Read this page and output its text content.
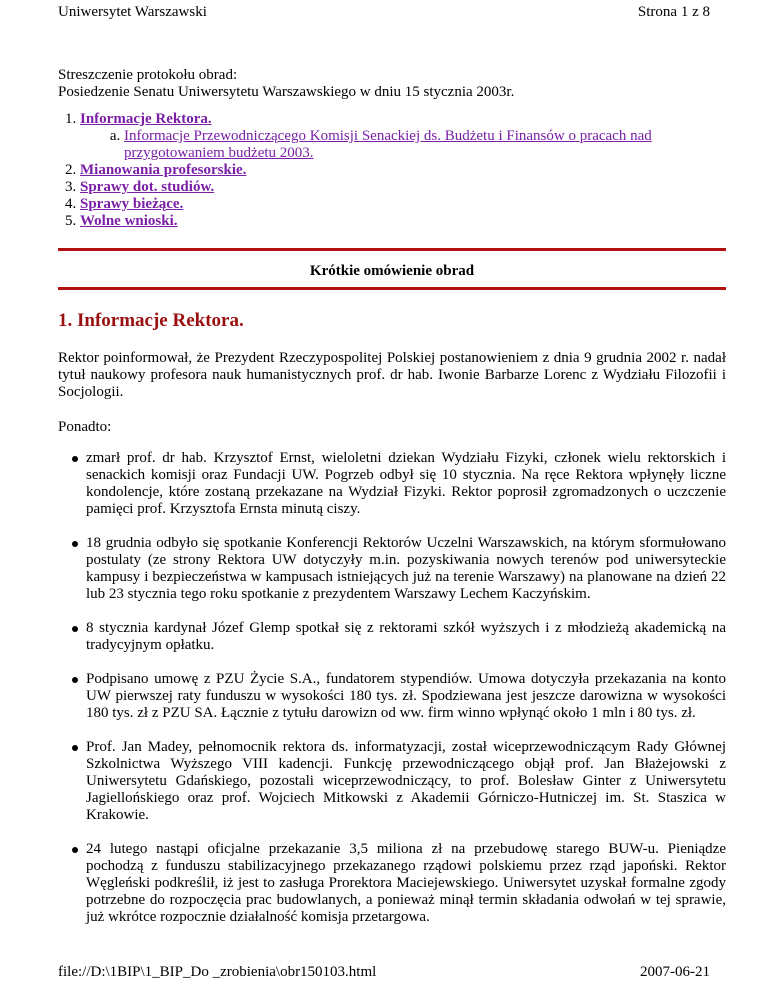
Uniwersytet Warszawski	Strona 1 z 8

Streszczenie protokołu obrad:

Posiedzenie Senatu Uniwersytetu Warszawskiego w dniu 15 stycznia 2003r.

1. Informacje Rektora.
a. Informacje Przewodniczącego Komisji Senackiej ds. Budżetu i Finansów o pracach nad przygotowaniem budżetu 2003.
2. Mianowania profesorskie.
3. Sprawy dot. studiów.
4. Sprawy bieżące.
5. Wolne wnioski.
Krótkie omówienie obrad
1. Informacje Rektora.

Rektor poinformował, że Prezydent Rzeczypospolitej Polskiej postanowieniem z dnia 9 grudnia 2002 r. nadał tytuł naukowy profesora nauk humanistycznych prof. dr hab. Iwonie Barbarze Lorenc z Wydziału Filozofii i Socjologii.

Ponadto:

zmarł prof. dr hab. Krzysztof Ernst, wieloletni dziekan Wydziału Fizyki, członek wielu rektorskich i senackich komisji oraz Fundacji UW. Pogrzeb odbył się 10 stycznia. Na ręce Rektora wpłynęły liczne kondolencje, które zostaną przekazane na Wydział Fizyki. Rektor poprosił zgromadzonych o uczczenie pamięci prof. Krzysztofa Ernsta minutą ciszy.
18 grudnia odbyło się spotkanie Konferencji Rektorów Uczelni Warszawskich, na którym sformułowano postulaty (ze strony Rektora UW dotyczyły m.in. pozyskiwania nowych terenów pod uniwersyteckie kampusy i bezpieczeństwa w kampusach istniejących już na terenie Warszawy) na planowane na dzień 22 lub 23 stycznia tego roku spotkanie z prezydentem Warszawy Lechem Kaczyńskim.
8 stycznia kardynał Józef Glemp spotkał się z rektorami szkół wyższych i z młodzieżą akademicką na tradycyjnym opłatku.
Podpisano umowę z PZU Życie S.A., fundatorem stypendiów. Umowa dotyczyła przekazania na konto UW pierwszej raty funduszu w wysokości 180 tys. zł. Spodziewana jest jeszcze darowizna w wysokości 180 tys. zł z PZU SA. Łącznie z tytułu darowizn od ww. firm winno wpłynąć około 1 mln i 80 tys. zł.
Prof. Jan Madey, pełnomocnik rektora ds. informatyzacji, został wiceprzewodniczącym Rady Głównej Szkolnictwa Wyższego VIII kadencji. Funkcję przewodniczącego objął prof. Jan Błażejowski z Uniwersytetu Gdańskiego, pozostali wiceprzewodniczący, to prof. Bolesław Ginter z Uniwersytetu Jagiellońskiego oraz prof. Wojciech Mitkowski z Akademii Górniczo-Hutniczej im. St. Staszica w Krakowie.
24 lutego nastąpi oficjalne przekazanie 3,5 miliona zł na przebudowę starego BUW-u. Pieniądze pochodzą z funduszu stabilizacyjnego przekazanego rządowi polskiemu przez rząd japoński. Rektor Węgleński podkreślił, iż jest to zasługa Prorektora Maciejewskiego. Uniwersytet uzyskał formalne zgody potrzebne do rozpoczęcia prac budowlanych, a ponieważ minął termin składania odwołań w tej sprawie, już wkrótce rozpocznie działalność komisja przetargowa.
file://D:\1BIP\1_BIP_Do _zrobienia\obr150103.html	2007-06-21
